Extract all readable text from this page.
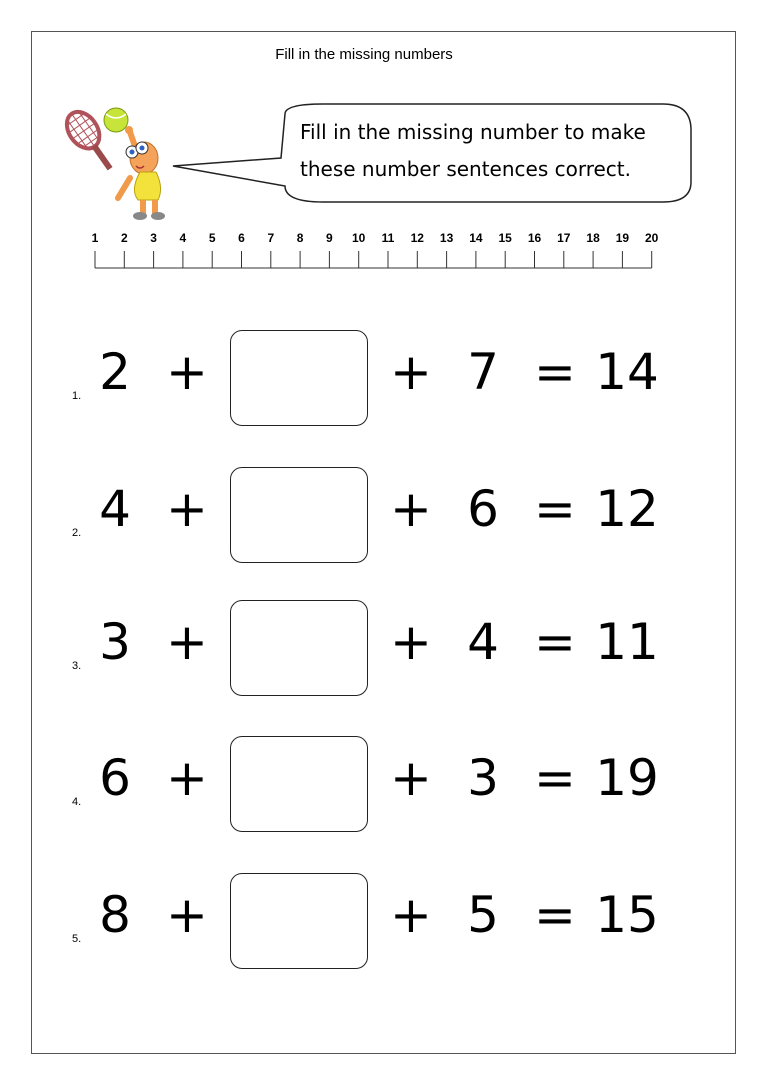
Fill in the missing numbers
Fill in the missing number to make
these number sentences correct.
1 2 3 4 5 6 7 8 9 10 11 12 13 14 15 16 17 18 19 20
1. 2 +	+ 7 = 14
2. 4 +	+ 6 = 12
3. 3 +	+ 4 = 11
4. 6 +	+ 3 = 19
5. 8 +	+ 5 = 15
